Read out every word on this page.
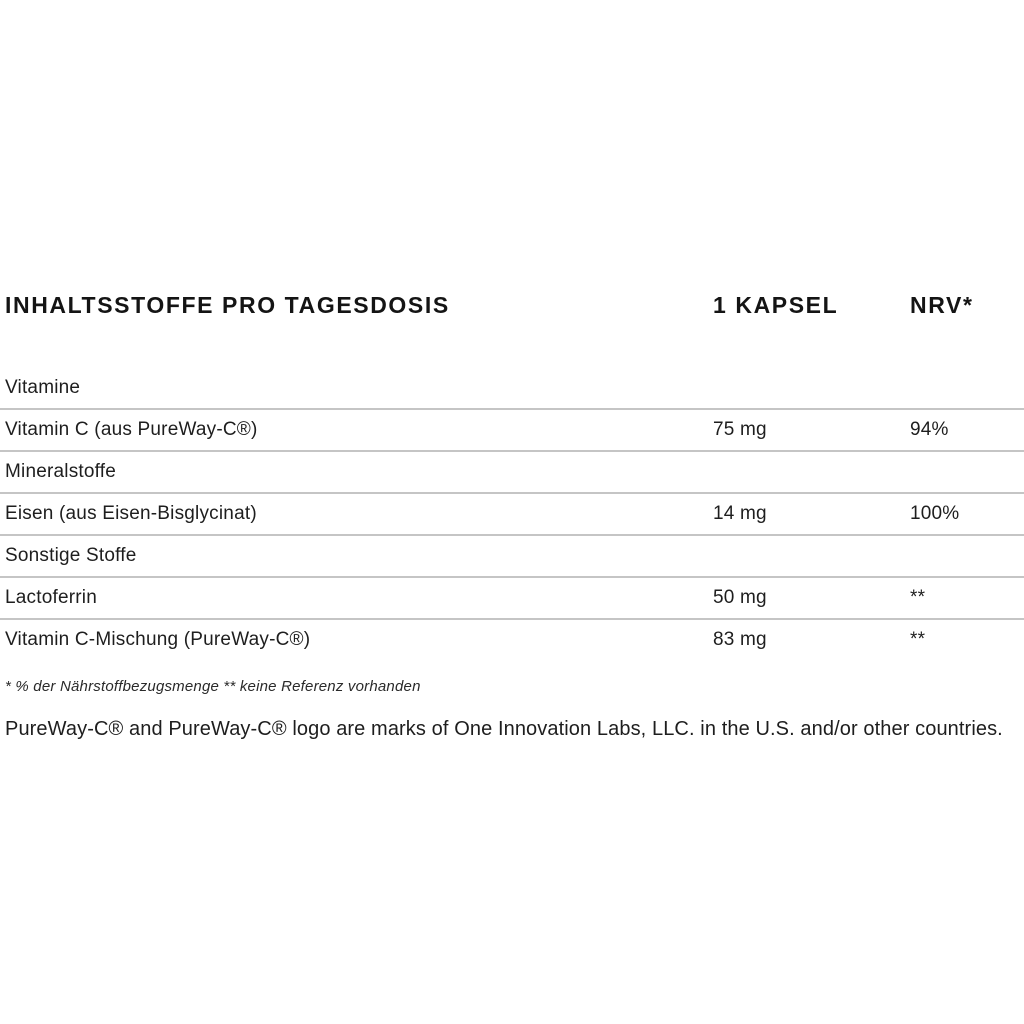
INHALTSSTOFFE PRO TAGESDOSIS	1 KAPSEL	NRV*
Vitamine
Vitamin C (aus PureWay-C®)	75 mg	94%
Mineralstoffe
Eisen (aus Eisen-Bisglycinat)	14 mg	100%
Sonstige Stoffe
Lactoferrin	50 mg	**
Vitamin C-Mischung (PureWay-C®)	83 mg	**
* % der Nährstoffbezugsmenge ** keine Referenz vorhanden
PureWay-C® and PureWay-C® logo are marks of One Innovation Labs, LLC. in the U.S. and/or other countries.
